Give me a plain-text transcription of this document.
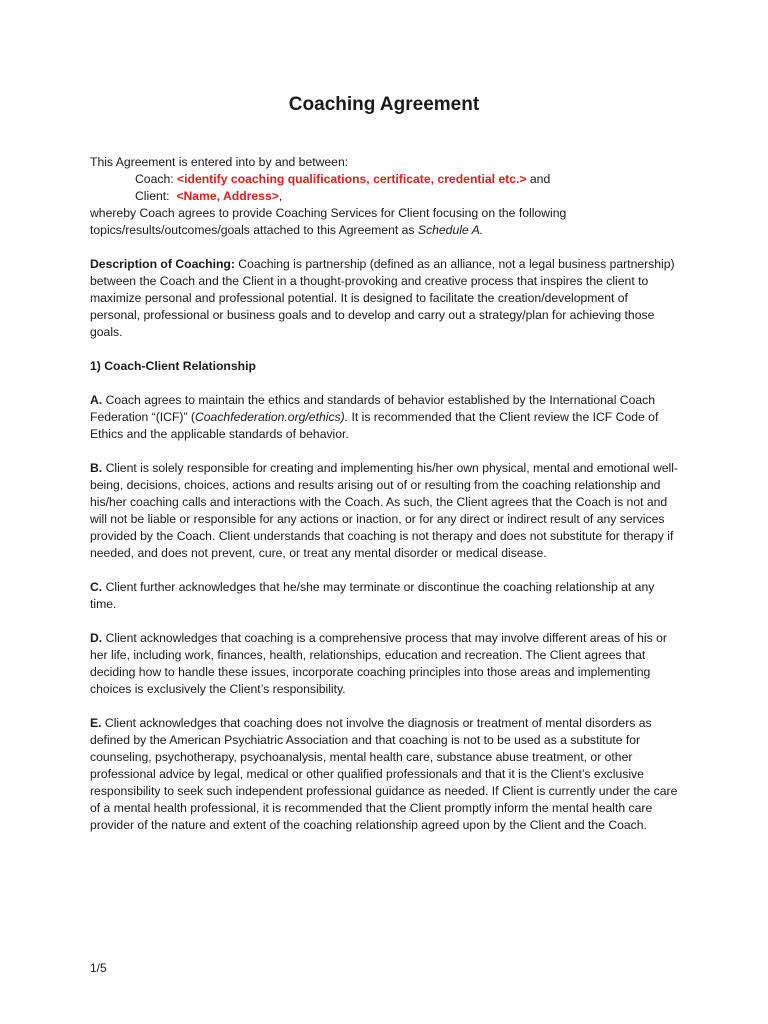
Coaching Agreement

This Agreement is entered into by and between:

Coach: <identify coaching qualifications, certificate, credential etc.> and

Client:  <Name, Address>,

whereby Coach agrees to provide Coaching Services for Client focusing on the following topics/results/outcomes/goals attached to this Agreement as Schedule A.

Description of Coaching: Coaching is partnership (defined as an alliance, not a legal business partnership) between the Coach and the Client in a thought-provoking and creative process that inspires the client to maximize personal and professional potential. It is designed to facilitate the creation/development of personal, professional or business goals and to develop and carry out a strategy/plan for achieving those goals.

1) Coach-Client Relationship

A. Coach agrees to maintain the ethics and standards of behavior established by the International Coach Federation “(ICF)” (Coachfederation.org/ethics). It is recommended that the Client review the ICF Code of Ethics and the applicable standards of behavior.

B. Client is solely responsible for creating and implementing his/her own physical, mental and emotional well-being, decisions, choices, actions and results arising out of or resulting from the coaching relationship and his/her coaching calls and interactions with the Coach. As such, the Client agrees that the Coach is not and will not be liable or responsible for any actions or inaction, or for any direct or indirect result of any services provided by the Coach. Client understands that coaching is not therapy and does not substitute for therapy if needed, and does not prevent, cure, or treat any mental disorder or medical disease.

C. Client further acknowledges that he/she may terminate or discontinue the coaching relationship at any time.

D. Client acknowledges that coaching is a comprehensive process that may involve different areas of his or her life, including work, finances, health, relationships, education and recreation. The Client agrees that deciding how to handle these issues, incorporate coaching principles into those areas and implementing choices is exclusively the Client’s responsibility.

E. Client acknowledges that coaching does not involve the diagnosis or treatment of mental disorders as defined by the American Psychiatric Association and that coaching is not to be used as a substitute for counseling, psychotherapy, psychoanalysis, mental health care, substance abuse treatment, or other professional advice by legal, medical or other qualified professionals and that it is the Client’s exclusive responsibility to seek such independent professional guidance as needed. If Client is currently under the care of a mental health professional, it is recommended that the Client promptly inform the mental health care provider of the nature and extent of the coaching relationship agreed upon by the Client and the Coach.

1/5
